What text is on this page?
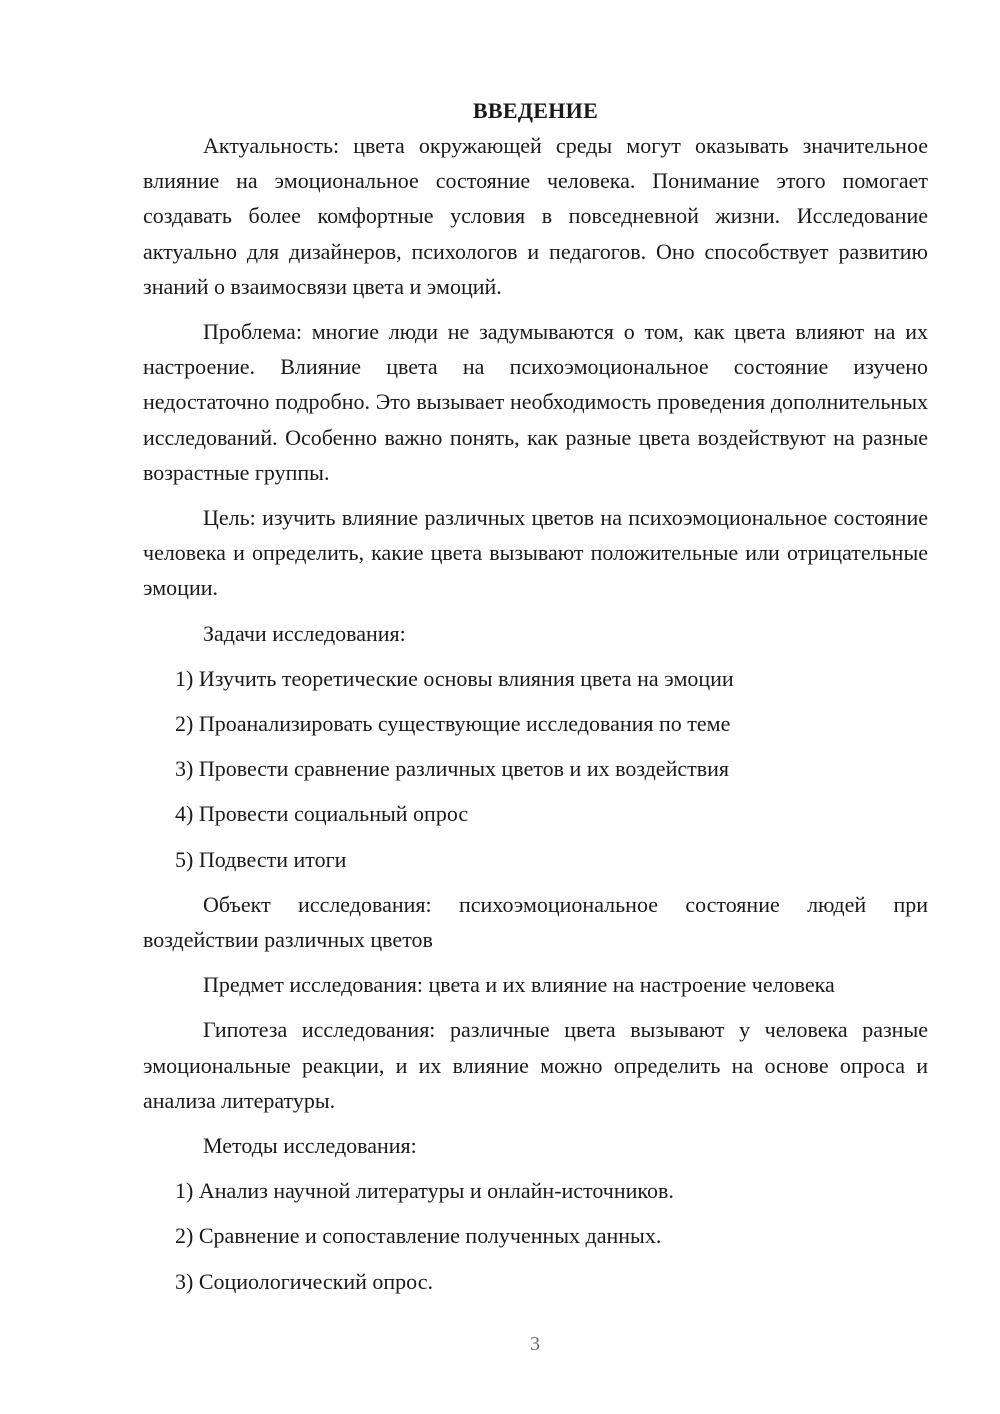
ВВЕДЕНИЕ

Актуальность: цвета окружающей среды могут оказывать значительное влияние на эмоциональное состояние человека. Понимание этого помогает создавать более комфортные условия в повседневной жизни. Исследование актуально для дизайнеров, психологов и педагогов. Оно способствует развитию знаний о взаимосвязи цвета и эмоций.

Проблема: многие люди не задумываются о том, как цвета влияют на их настроение. Влияние цвета на психоэмоциональное состояние изучено недостаточно подробно. Это вызывает необходимость проведения дополнительных исследований. Особенно важно понять, как разные цвета воздействуют на разные возрастные группы.

Цель: изучить влияние различных цветов на психоэмоциональное состояние человека и определить, какие цвета вызывают положительные или отрицательные эмоции.

Задачи исследования:

1) Изучить теоретические основы влияния цвета на эмоции
2) Проанализировать существующие исследования по теме
3) Провести сравнение различных цветов и их воздействия
4) Провести социальный опрос
5) Подвести итоги

Объект исследования: психоэмоциональное состояние людей при воздействии различных цветов

Предмет исследования: цвета и их влияние на настроение человека

Гипотеза исследования: различные цвета вызывают у человека разные эмоциональные реакции, и их влияние можно определить на основе опроса и анализа литературы.

Методы исследования:

1) Анализ научной литературы и онлайн-источников.
2) Сравнение и сопоставление полученных данных.
3) Социологический опрос.
3
